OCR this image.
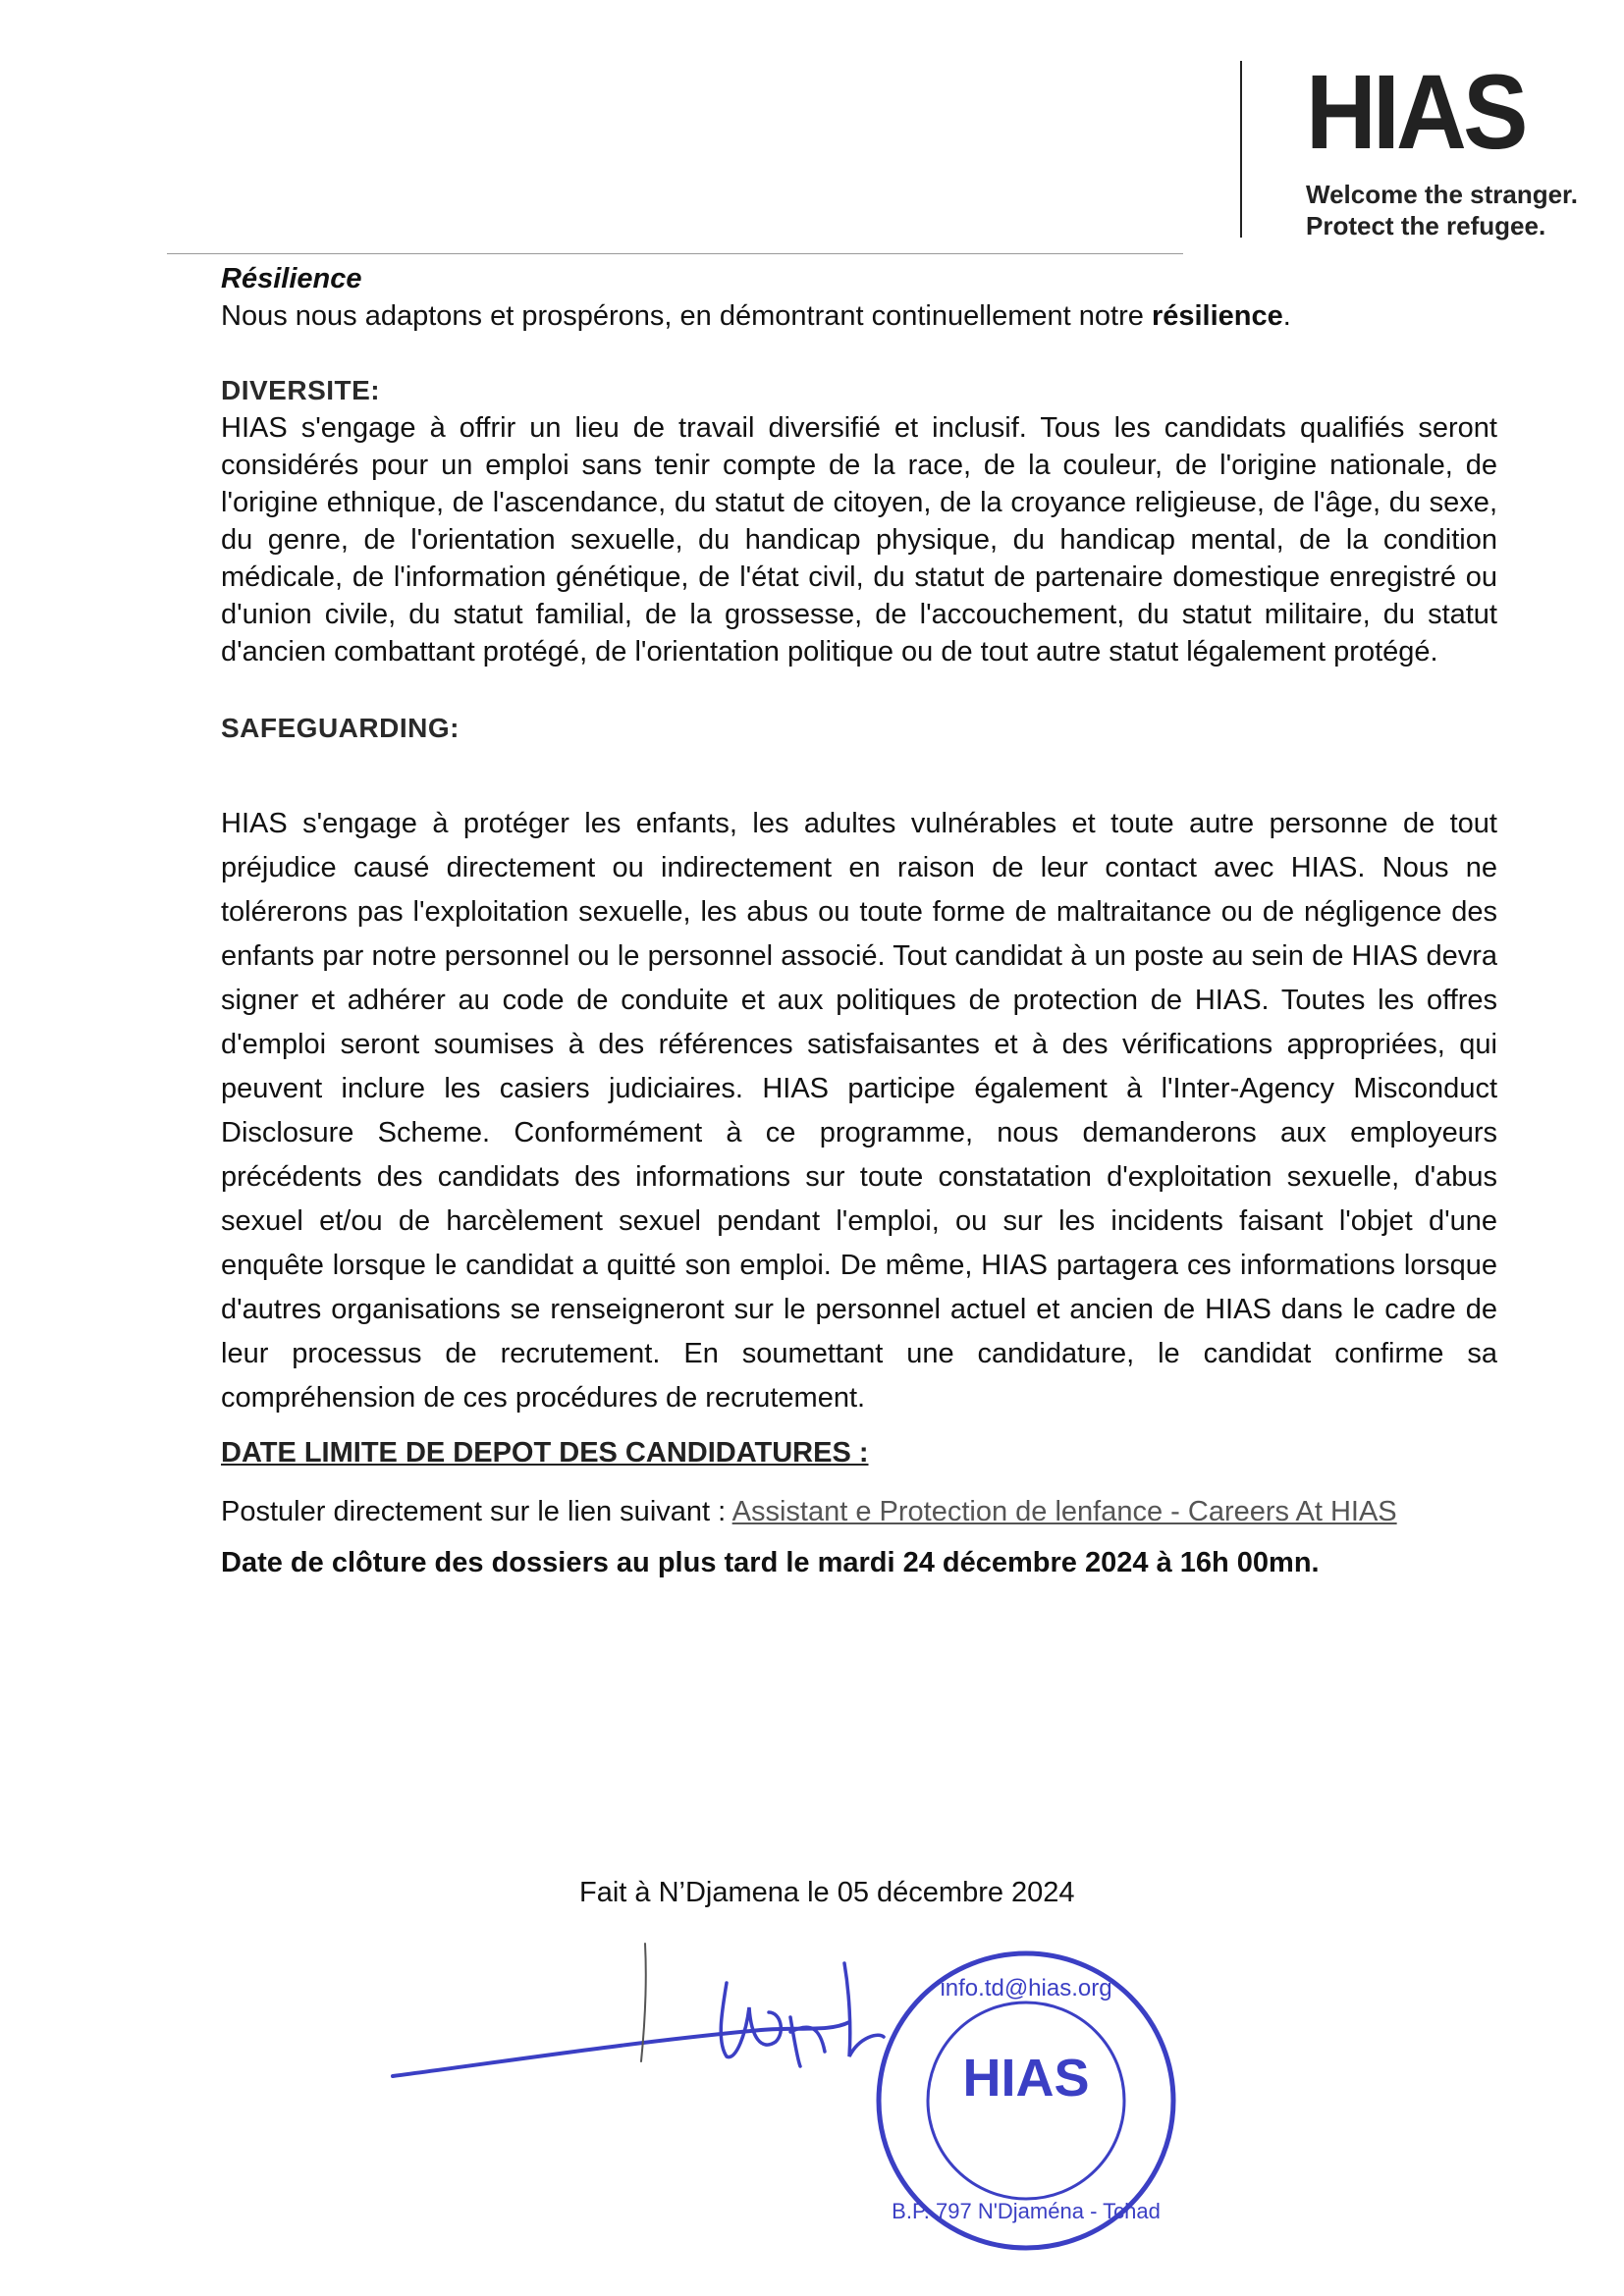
HIAS
Welcome the stranger.
Protect the refugee.

Résilience

Nous nous adaptons et prospérons, en démontrant continuellement notre résilience.

DIVERSITE:

HIAS s'engage à offrir un lieu de travail diversifié et inclusif. Tous les candidats qualifiés seront considérés pour un emploi sans tenir compte de la race, de la couleur, de l'origine nationale, de l'origine ethnique, de l'ascendance, du statut de citoyen, de la croyance religieuse, de l'âge, du sexe, du genre, de l'orientation sexuelle, du handicap physique, du handicap mental, de la condition médicale, de l'information génétique, de l'état civil, du statut de partenaire domestique enregistré ou d'union civile, du statut familial, de la grossesse, de l'accouchement, du statut militaire, du statut d'ancien combattant protégé, de l'orientation politique ou de tout autre statut légalement protégé.

SAFEGUARDING:

HIAS s'engage à protéger les enfants, les adultes vulnérables et toute autre personne de tout préjudice causé directement ou indirectement en raison de leur contact avec HIAS. Nous ne tolérerons pas l'exploitation sexuelle, les abus ou toute forme de maltraitance ou de négligence des enfants par notre personnel ou le personnel associé. Tout candidat à un poste au sein de HIAS devra signer et adhérer au code de conduite et aux politiques de protection de HIAS. Toutes les offres d'emploi seront soumises à des références satisfaisantes et à des vérifications appropriées, qui peuvent inclure les casiers judiciaires. HIAS participe également à l'Inter-Agency Misconduct Disclosure Scheme. Conformément à ce programme, nous demanderons aux employeurs précédents des candidats des informations sur toute constatation d'exploitation sexuelle, d'abus sexuel et/ou de harcèlement sexuel pendant l'emploi, ou sur les incidents faisant l'objet d'une enquête lorsque le candidat a quitté son emploi. De même, HIAS partagera ces informations lorsque d'autres organisations se renseigneront sur le personnel actuel et ancien de HIAS dans le cadre de leur processus de recrutement. En soumettant une candidature, le candidat confirme sa compréhension de ces procédures de recrutement.

DATE LIMITE DE DEPOT DES CANDIDATURES :

Postuler directement sur le lien suivant : Assistant e Protection de lenfance - Careers At HIAS

Date de clôture des dossiers au plus tard le mardi 24 décembre 2024 à 16h 00mn.

Fait à N’Djamena le 05 décembre 2024
HIAS
info.td@hias.org
B.P. 797 N'Djaména - Tchad
